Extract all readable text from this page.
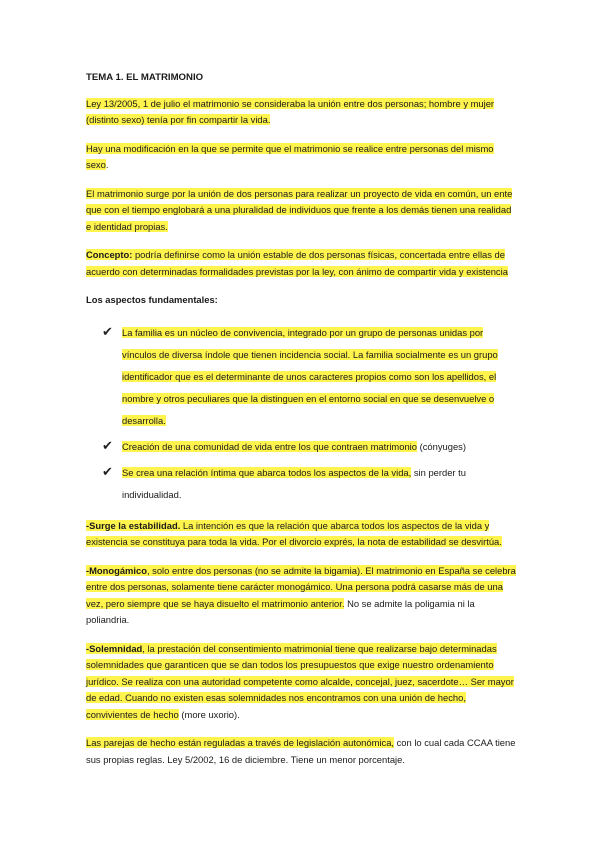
TEMA 1. EL MATRIMONIO

Ley 13/2005, 1 de julio el matrimonio se consideraba la unión entre dos personas; hombre y mujer (distinto sexo) tenía por fin compartir la vida.

Hay una modificación en la que se permite que el matrimonio se realice entre personas del mismo sexo.

El matrimonio surge por la unión de dos personas para realizar un proyecto de vida en común, un ente que con el tiempo englobará a una pluralidad de individuos que frente a los demás tienen una realidad e identidad propias.

Concepto: podría definirse como la unión estable de dos personas físicas, concertada entre ellas de acuerdo con determinadas formalidades previstas por la ley, con ánimo de compartir vida y existencia

Los aspectos fundamentales:
✔ La familia es un núcleo de convivencia, integrado por un grupo de personas unidas por vínculos de diversa índole que tienen incidencia social. La familia socialmente es un grupo identificador que es el determinante de unos caracteres propios como son los apellidos, el nombre y otros peculiares que la distinguen en el entorno social en que se desenvuelve o desarrolla.
✔ Creación de una comunidad de vida entre los que contraen matrimonio (cónyuges)
✔ Se crea una relación íntima que abarca todos los aspectos de la vida, sin perder tu individualidad.

-Surge la estabilidad. La intención es que la relación que abarca todos los aspectos de la vida y existencia se constituya para toda la vida. Por el divorcio exprés, la nota de estabilidad se desvirtúa.

-Monogámico, solo entre dos personas (no se admite la bigamia). El matrimonio en España se celebra entre dos personas, solamente tiene carácter monogámico. Una persona podrá casarse más de una vez, pero siempre que se haya disuelto el matrimonio anterior. No se admite la poligamia ni la poliandria.

-Solemnidad, la prestación del consentimiento matrimonial tiene que realizarse bajo determinadas solemnidades que garanticen que se dan todos los presupuestos que exige nuestro ordenamiento jurídico. Se realiza con una autoridad competente como alcalde, concejal, juez, sacerdote… Ser mayor de edad. Cuando no existen esas solemnidades nos encontramos con una unión de hecho, convivientes de hecho (more uxorio).

Las parejas de hecho están reguladas a través de legislación autonómica, con lo cual cada CCAA tiene sus propias reglas. Ley 5/2002, 16 de diciembre. Tiene un menor porcentaje.
